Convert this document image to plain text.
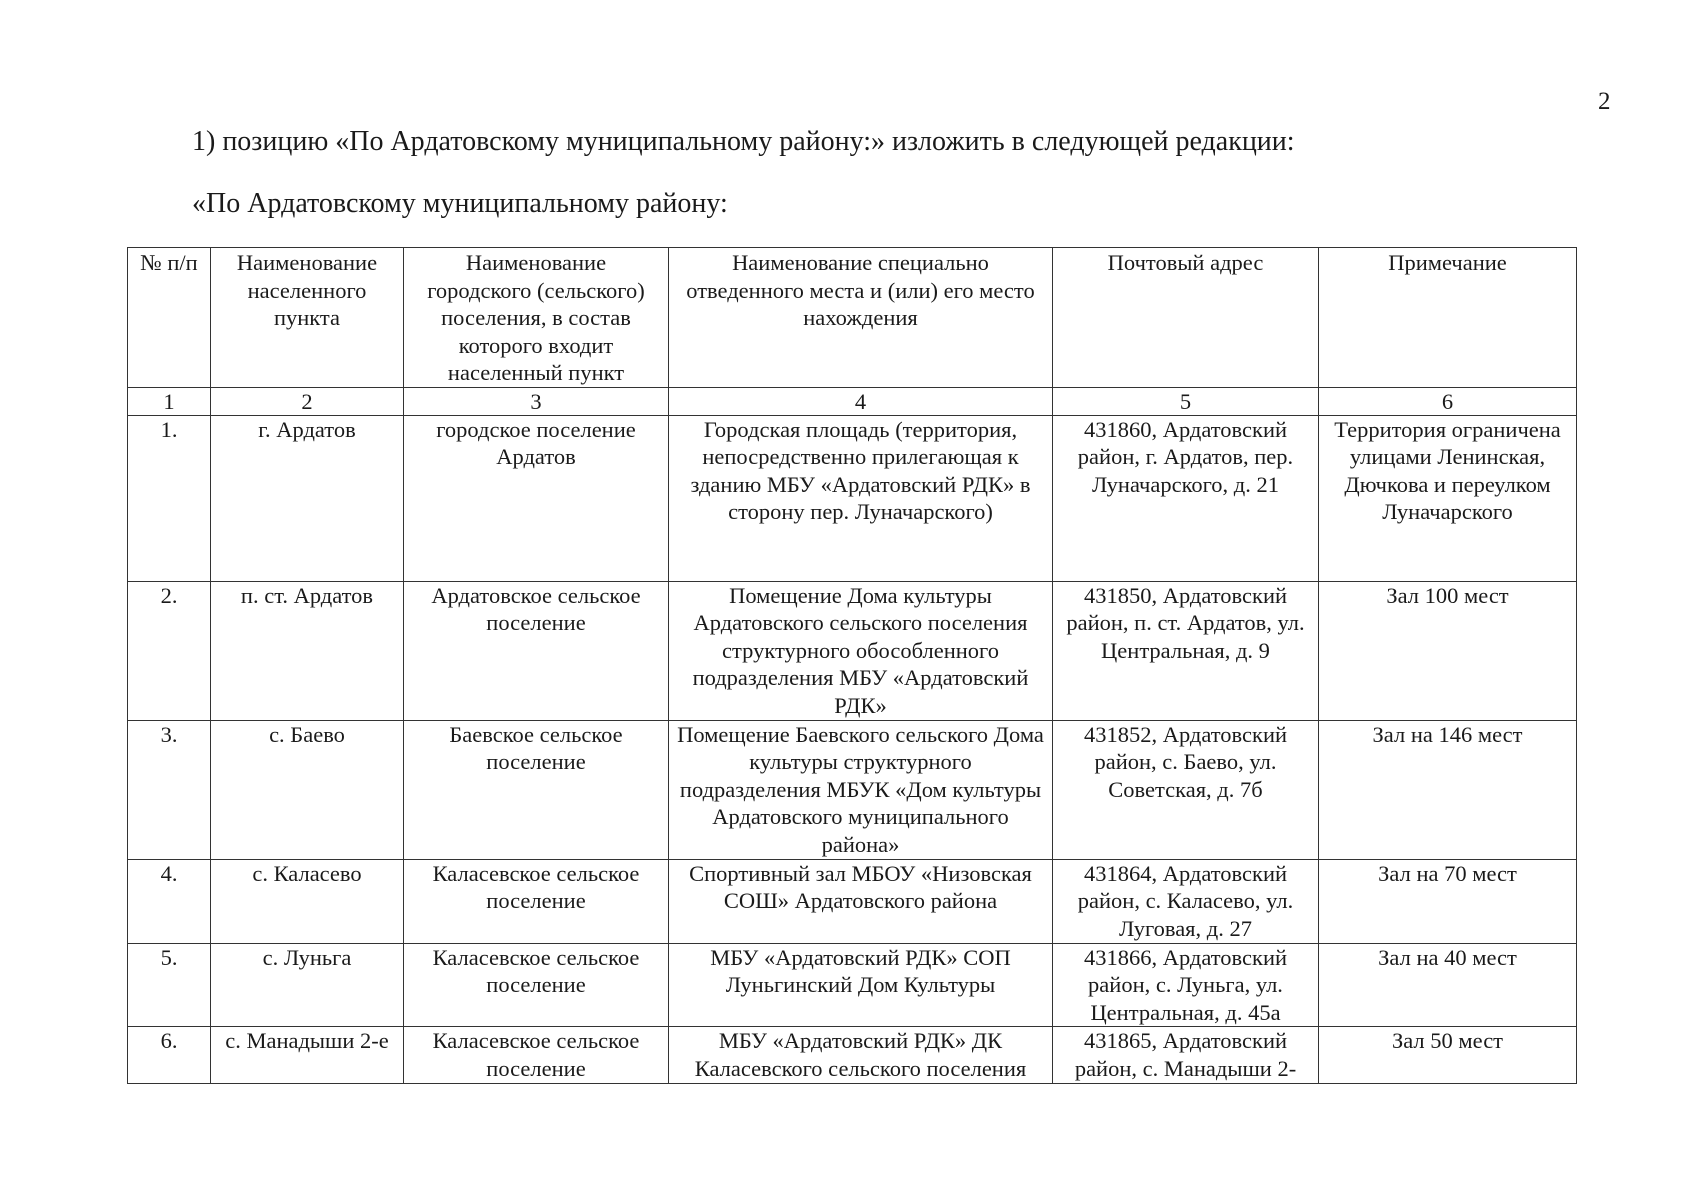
2
1) позицию «По Ардатовскому муниципальному району:» изложить в следующей редакции:
«По Ардатовскому муниципальному району:
№ п/п	Наименование населенного пункта	Наименование городского (сельского) поселения, в состав которого входит населенный пункт	Наименование специально отведенного места и (или) его место нахождения	Почтовый адрес	Примечание
1	2	3	4	5	6
1.	г. Ардатов	городское поселение Ардатов	Городская площадь (территория, непосредственно прилегающая к зданию МБУ «Ардатовский РДК» в сторону пер. Луначарского)	431860, Ардатовский район, г. Ардатов, пер. Луначарского, д. 21	Территория ограничена улицами Ленинская, Дючкова и переулком Луначарского
2.	п. ст. Ардатов	Ардатовское сельское поселение	Помещение Дома культуры Ардатовского сельского поселения структурного обособленного подразделения МБУ «Ардатовский РДК»	431850, Ардатовский район, п. ст. Ардатов, ул. Центральная, д. 9	Зал 100 мест
3.	с. Баево	Баевское сельское поселение	Помещение Баевского сельского Дома культуры структурного подразделения МБУК «Дом культуры Ардатовского муниципального района»	431852, Ардатовский район, с. Баево, ул. Советская, д. 7б	Зал на 146 мест
4.	с. Каласево	Каласевское сельское поселение	Спортивный зал МБОУ «Низовская СОШ» Ардатовского района	431864, Ардатовский район, с. Каласево, ул. Луговая, д. 27	Зал на 70 мест
5.	с. Луньга	Каласевское сельское поселение	МБУ «Ардатовский РДК» СОП Луньгинский Дом Культуры	431866, Ардатовский район, с. Луньга, ул. Центральная, д. 45а	Зал на 40 мест
6.	с. Манадыши 2-е	Каласевское сельское поселение	МБУ «Ардатовский РДК» ДК Каласевского сельского поселения	431865, Ардатовский район, с. Манадыши 2-	Зал 50 мест
